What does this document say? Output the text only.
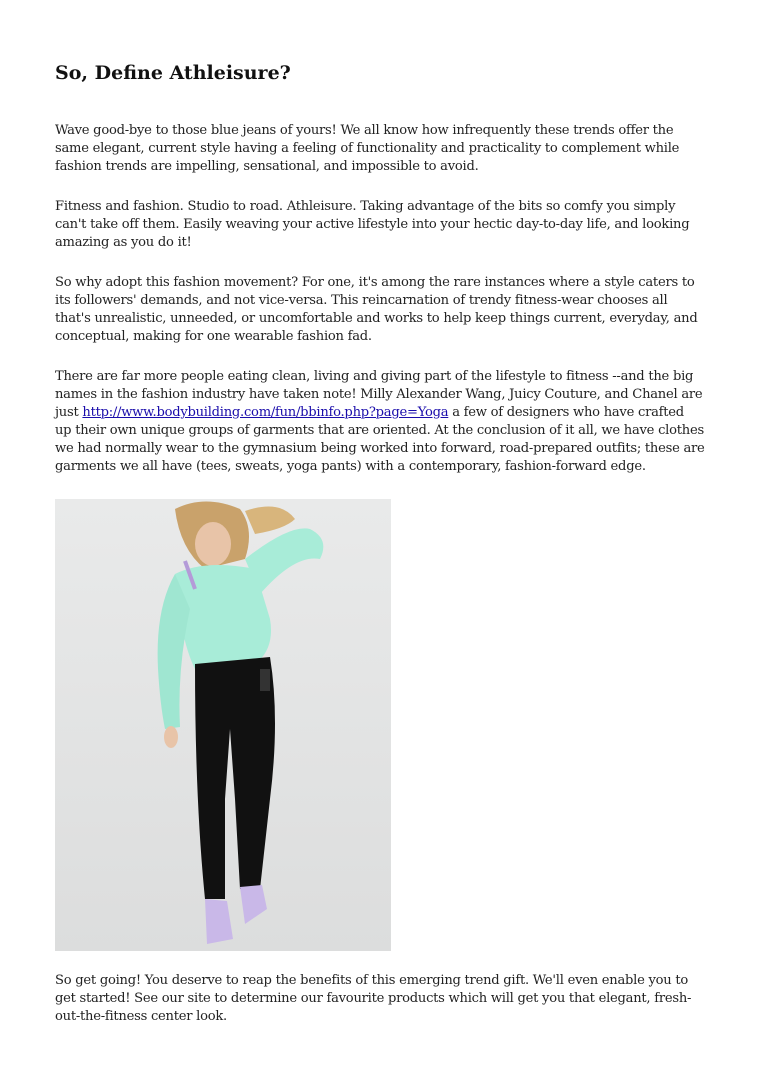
So, Define Athleisure?
Wave good-bye to those blue jeans of yours! We all know how infrequently these trends offer the
same elegant, current style having a feeling of functionality and practicality to complement while
fashion trends are impelling, sensational, and impossible to avoid.
Fitness and fashion. Studio to road. Athleisure. Taking advantage of the bits so comfy you simply
can't take off them. Easily weaving your active lifestyle into your hectic day-to-day life, and looking
amazing as you do it!
So why adopt this fashion movement? For one, it's among the rare instances where a style caters to
its followers' demands, and not vice-versa. This reincarnation of trendy fitness-wear chooses all
that's unrealistic, unneeded, or uncomfortable and works to help keep things current, everyday, and
conceptual, making for one wearable fashion fad.
There are far more people eating clean, living and giving part of the lifestyle to fitness --and the big
names in the fashion industry have taken note! Milly Alexander Wang, Juicy Couture, and Chanel are
just http://www.bodybuilding.com/fun/bbinfo.php?page=Yoga a few of designers who have crafted
up their own unique groups of garments that are oriented. At the conclusion of it all, we have clothes
we had normally wear to the gymnasium being worked into forward, road-prepared outfits; these are
garments we all have (tees, sweats, yoga pants) with a contemporary, fashion-forward edge.
So get going! You deserve to reap the benefits of this emerging trend gift. We'll even enable you to
get started! See our site to determine our favourite products which will get you that elegant, fresh-
out-the-fitness center look.
